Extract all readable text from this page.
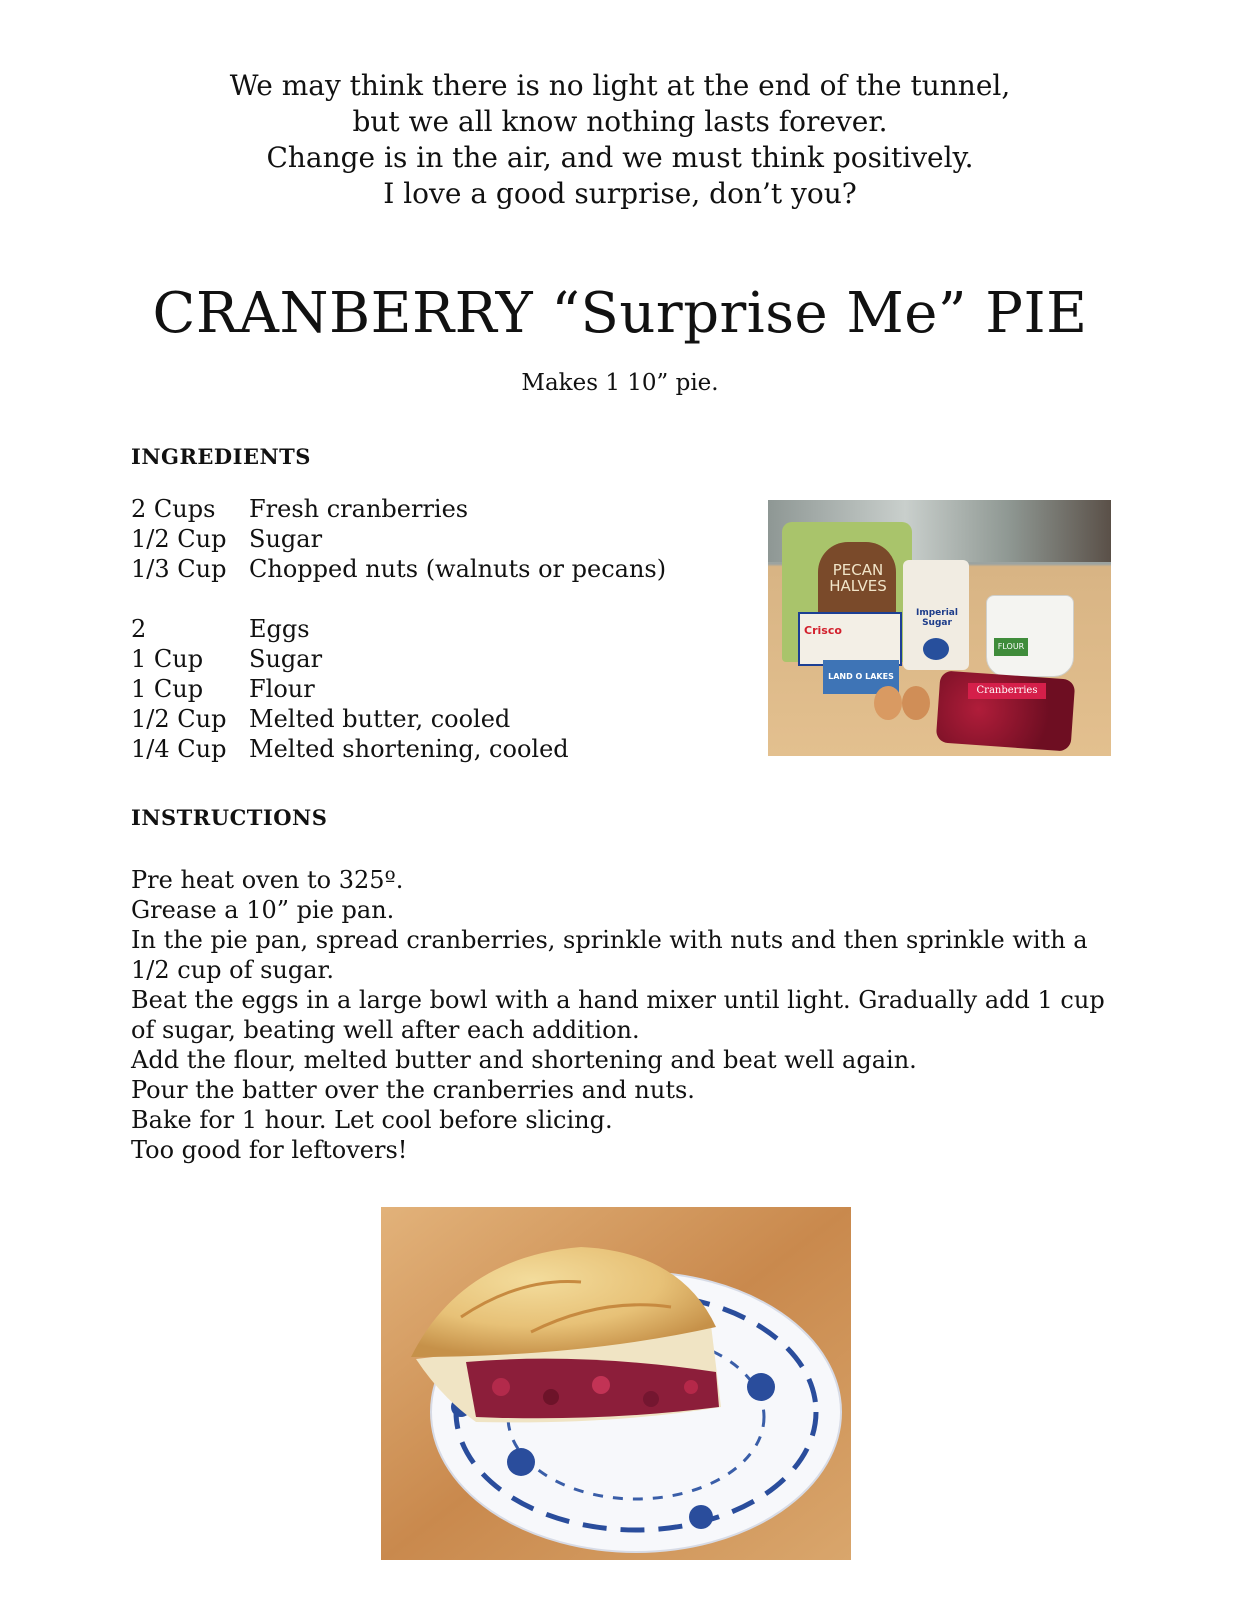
We may think there is no light at the end of the tunnel,
but we all know nothing lasts forever.
Change is in the air, and we must think positively.
I love a good surprise, don’t you?
CRANBERRY “Surprise Me” PIE
Makes 1 10” pie.
INGREDIENTS
2 Cups	Fresh cranberries
1/2 Cup Sugar
1/3 Cup Chopped nuts (walnuts or pecans)
2	Eggs
1 Cup	Sugar
1 Cup	Flour
1/2 Cup Melted butter, cooled
1/4 Cup Melted shortening, cooled
PECAN HALVES
Imperial Sugar
Crisco
LAND O LAKES
FLOUR
Cranberries
INSTRUCTIONS
Pre heat oven to 325º.
Grease a 10” pie pan.
In the pie pan, spread cranberries, sprinkle with nuts and then sprinkle with a 1/2 cup of sugar.
Beat the eggs in a large bowl with a hand mixer until light. Gradually add 1 cup of sugar, beating well after each addition.
Add the flour, melted butter and shortening and beat well again.
Pour the batter over the cranberries and nuts.
Bake for 1 hour. Let cool before slicing.
Too good for leftovers!
